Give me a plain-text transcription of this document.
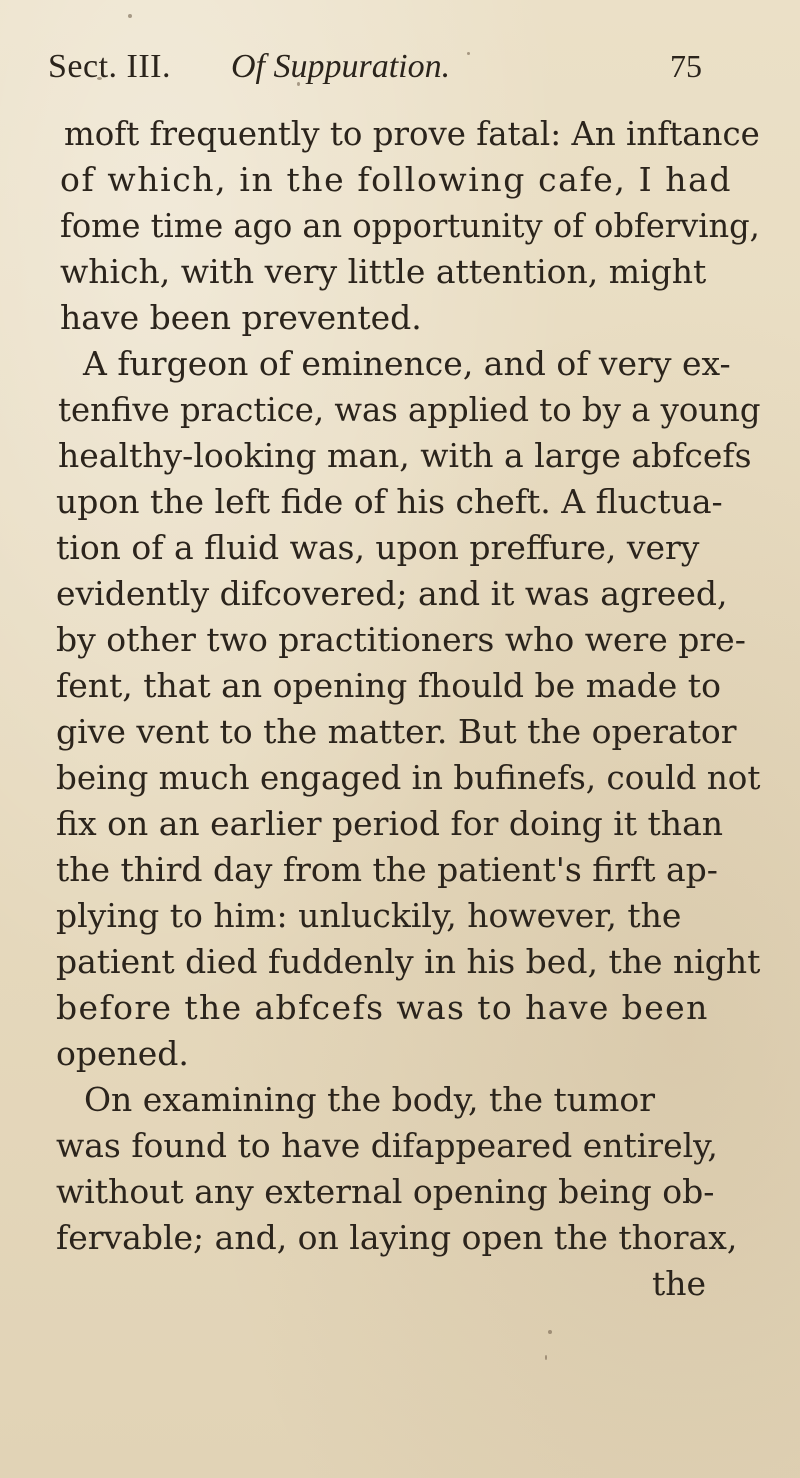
Sect. III. Of Suppuration.	75
moft frequently to prove fatal: An inftance
of which, in the following cafe, I had
fome time ago an opportunity of obferving,
which, with very little attention, might
have been prevented.
A furgeon of eminence, and of very ex-
tenfive practice, was applied to by a young
healthy-looking man, with a large abfcefs
upon the left fide of his cheft. A fluctua-
tion of a fluid was, upon preffure, very
evidently difcovered; and it was agreed,
by other two practitioners who were pre-
fent, that an opening fhould be made to
give vent to the matter. But the operator
being much engaged in bufinefs, could not
fix on an earlier period for doing it than
the third day from the patient's firft ap-
plying to him: unluckily, however, the
patient died fuddenly in his bed, the night
before the abfcefs was to have been
opened.
On examining the body, the tumor
was found to have difappeared entirely,
without any external opening being ob-
fervable; and, on laying open the thorax,
the
